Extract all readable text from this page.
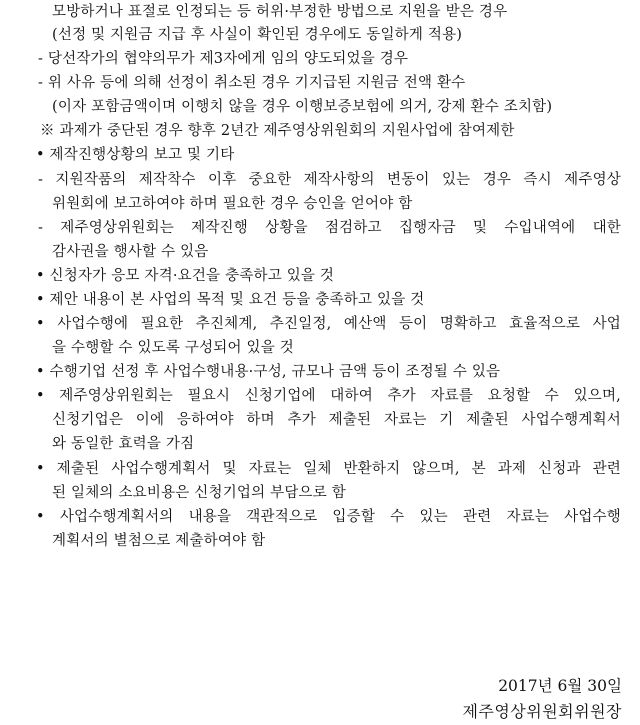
모방하거나 표절로 인정되는 등 허위·부정한 방법으로 지원을 받은 경우
(선정 및 지원금 지급 후 사실이 확인된 경우에도 동일하게 적용)
- 당선작가의 협약의무가 제3자에게 임의 양도되었을 경우
- 위 사유 등에 의해 선정이 취소된 경우 기지급된 지원금 전액 환수
(이자 포함금액이며 이행치 않을 경우 이행보증보험에 의거, 강제 환수 조치함)
※ 과제가 중단된 경우 향후 2년간 제주영상위원회의 지원사업에 참여제한
• 제작진행상황의 보고 및 기타
- 지원작품의 제작착수 이후 중요한 제작사항의 변동이 있는 경우 즉시 제주영상
위원회에 보고하여야 하며 필요한 경우 승인을 얻어야 함
- 제주영상위원회는 제작진행 상황을 점검하고 집행자금 및 수입내역에 대한
감사권을 행사할 수 있음
• 신청자가 응모 자격·요건을 충족하고 있을 것
• 제안 내용이 본 사업의 목적 및 요건 등을 충족하고 있을 것
• 사업수행에 필요한 추진체계, 추진일정, 예산액 등이 명확하고 효율적으로 사업
을 수행할 수 있도록 구성되어 있을 것
• 수행기업 선정 후 사업수행내용·구성, 규모나 금액 등이 조정될 수 있음
• 제주영상위원회는 필요시 신청기업에 대하여 추가 자료를 요청할 수 있으며,
신청기업은 이에 응하여야 하며 추가 제출된 자료는 기 제출된 사업수행계획서
와 동일한 효력을 가짐
• 제출된 사업수행계획서 및 자료는 일체 반환하지 않으며, 본 과제 신청과 관련
된 일체의 소요비용은 신청기업의 부담으로 함
• 사업수행계획서의 내용을 객관적으로 입증할 수 있는 관련 자료는 사업수행
계획서의 별첨으로 제출하여야 함
2017년 6월 30일
제주영상위원회위원장
